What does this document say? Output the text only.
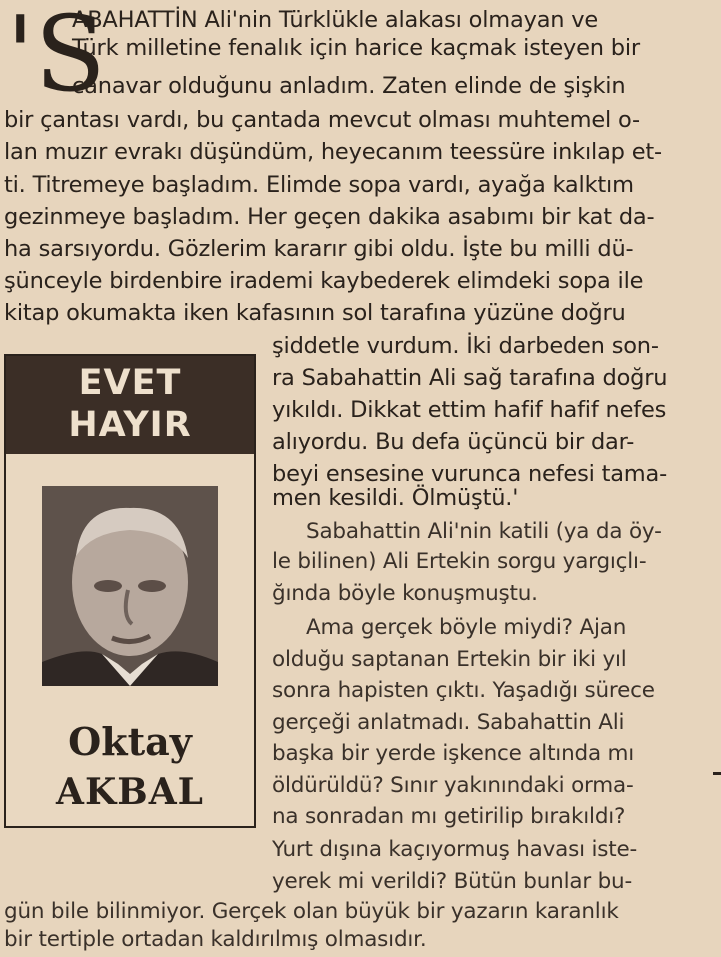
'S

ABAHATTİN Ali'nin Türklükle alakası olmayan ve

Türk milletine fenalık için harice kaçmak isteyen bir

canavar olduğunu anladım. Zaten elinde de şişkin

bir çantası vardı, bu çantada mevcut olması muhtemel o-

lan muzır evrakı düşündüm, heyecanım teessüre inkılap et-

ti. Titremeye başladım. Elimde sopa vardı, ayağa kalktım

gezinmeye başladım. Her geçen dakika asabımı bir kat da-

ha sarsıyordu. Gözlerim kararır gibi oldu. İşte bu milli dü-

şünceyle birdenbire irademi kaybederek elimdeki sopa ile

kitap okumakta iken kafasının sol tarafına yüzüne doğru

şiddetle vurdum. İki darbeden son-

ra Sabahattin Ali sağ tarafına doğru

yıkıldı. Dikkat ettim hafif hafif nefes

alıyordu. Bu defa üçüncü bir dar-

beyi ensesine vurunca nefesi tama-

men kesildi. Ölmüştü.'

Sabahattin Ali'nin katili (ya da öy-

le bilinen) Ali Ertekin sorgu yargıçlı-

ğında böyle konuşmuştu.

Ama gerçek böyle miydi? Ajan

olduğu saptanan Ertekin bir iki yıl

sonra hapisten çıktı. Yaşadığı sürece

gerçeği anlatmadı. Sabahattin Ali

başka bir yerde işkence altında mı

öldürüldü? Sınır yakınındaki orma-

na sonradan mı getirilip bırakıldı?

Yurt dışına kaçıyormuş havası iste-

yerek mi verildi? Bütün bunlar bu-

gün bile bilinmiyor. Gerçek olan büyük bir yazarın karanlık

bir tertiple ortadan kaldırılmış olmasıdır.

EVET
HAYIR
Oktay
AKBAL
